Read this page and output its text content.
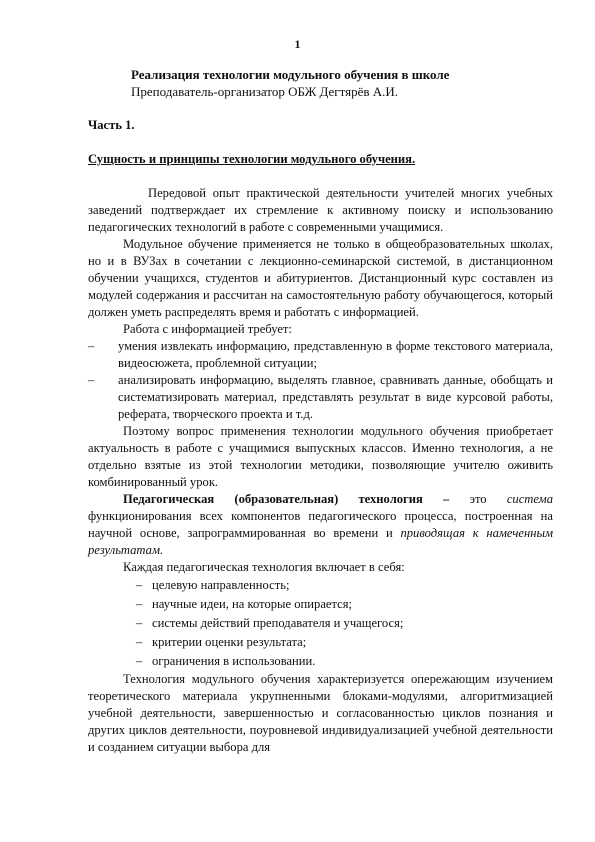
1
Реализация технологии модульного обучения в школе
Преподаватель-организатор ОБЖ Дегтярёв А.И.
Часть 1.
Сущность и принципы технологии модульного обучения.

Передовой опыт практической деятельности учителей многих учебных заведений подтверждает их стремление к активному поиску и использованию педагогических технологий в работе с современными учащимися.

Модульное обучение применяется не только в общеобразовательных школах, но и в ВУЗах в сочетании с лекционно-семинарской системой, в дистанционном обучении учащихся, студентов и абитуриентов. Дистанционный курс составлен из модулей содержания и рассчитан на самостоятельную работу обучающегося, который должен уметь распределять время и работать с информацией.

Работа с информацией требует:

–	умения извлекать информацию, представленную в форме текстового материала, видеосюжета, проблемной ситуации;
–	анализировать информацию, выделять главное, сравнивать данные, обобщать и систематизировать материал, представлять результат в виде курсовой работы, реферата, творческого проекта и т.д.

Поэтому вопрос применения технологии модульного обучения приобретает актуальность в работе с учащимися выпускных классов. Именно технология, а не отдельно взятые из этой технологии методики, позволяющие учителю оживить комбинированный урок.

Педагогическая (образовательная) технология – это система функционирования всех компонентов педагогического процесса, построенная на научной основе, запрограммированная во времени и приводящая к намеченным результатам.

Каждая педагогическая технология включает в себя:

– целевую направленность;
– научные идеи, на которые опирается;
– системы действий преподавателя и учащегося;
– критерии оценки результата;
– ограничения в использовании.

Технология модульного обучения характеризуется опережающим изучением теоретического материала укрупненными блоками-модулями, алгоритмизацией учебной деятельности, завершенностью и согласованностью циклов познания и других циклов деятельности, поуровневой индивидуализацией учебной деятельности и созданием ситуации выбора для
